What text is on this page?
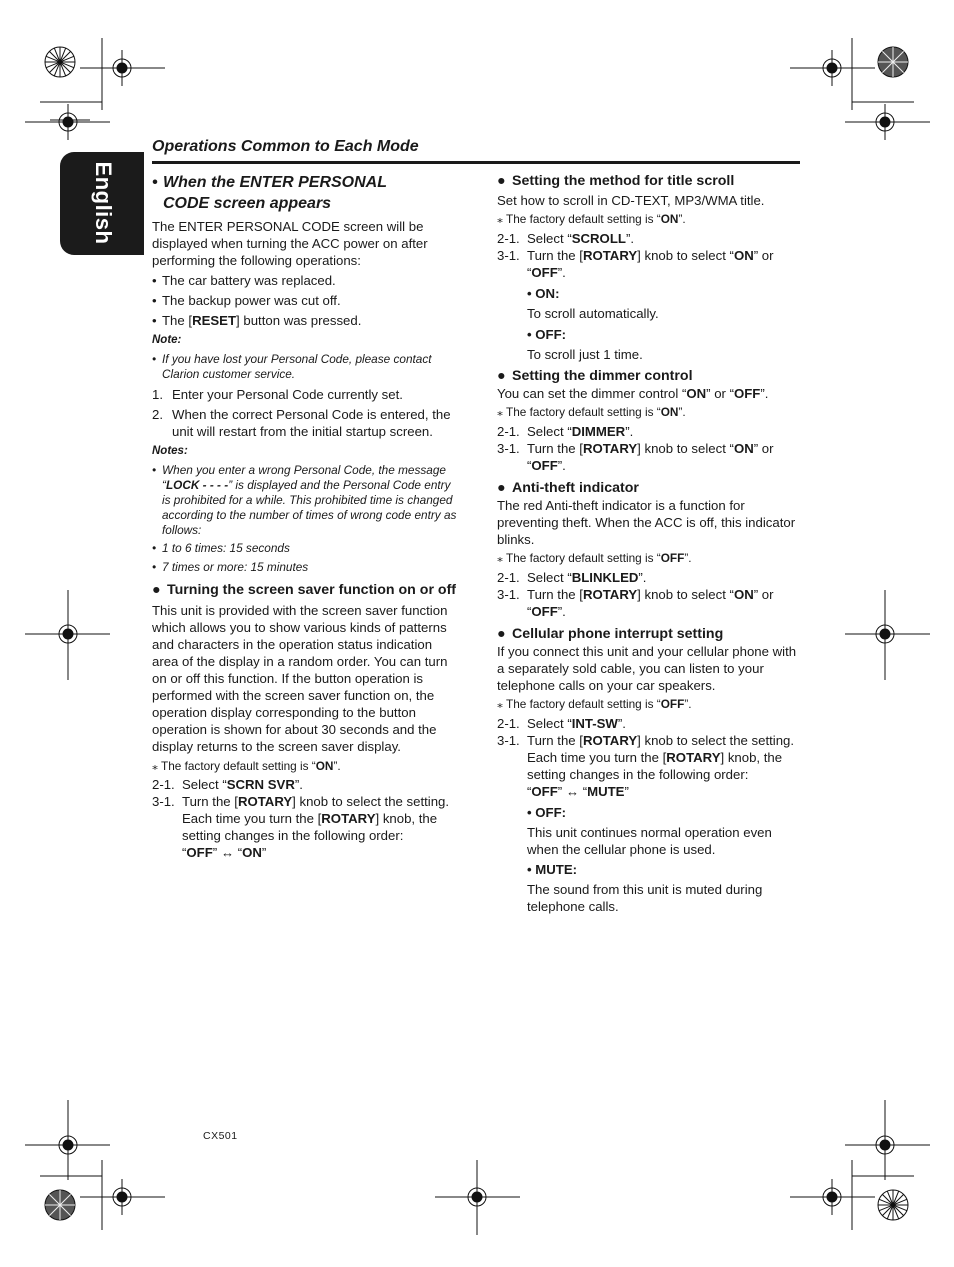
English
Operations Common to Each Mode
• When the ENTER PERSONAL
CODE screen appears

The ENTER PERSONAL CODE screen will be displayed when turning the ACC power on after performing the following operations:

• The car battery was replaced.
• The backup power was cut off.
• The [RESET] button was pressed.
Note:
• If you have lost your Personal Code, please contact Clarion customer service.
1. Enter your Personal Code currently set.
2. When the correct Personal Code is entered, the unit will restart from the initial startup screen.
Notes:
• When you enter a wrong Personal Code, the message “LOCK - - - -” is displayed and the Personal Code entry is prohibited for a while. This prohibited time is changed according to the number of times of wrong code entry as follows:
• 1 to 6 times: 15 seconds
• 7 times or more: 15 minutes
● Turning the screen saver function on or off

This unit is provided with the screen saver function which allows you to show various kinds of patterns and characters in the operation status indication area of the display in a random order. You can turn on or off this function. If the button operation is performed with the screen saver function on, the operation display corresponding to the button operation is shown for about 30 seconds and the display returns to the screen saver display.

⁎ The factory default setting is “ON”.
2-1. Select “SCRN SVR”.
3-1. Turn the [ROTARY] knob to select the setting.
Each time you turn the [ROTARY] knob, the setting changes in the following order:
“OFF” ↔ “ON”
● Setting the method for title scroll

Set how to scroll in CD-TEXT, MP3/WMA title.

⁎ The factory default setting is “ON”.
2-1. Select “SCROLL”.
3-1. Turn the [ROTARY] knob to select “ON” or “OFF”.
• ON:
To scroll automatically.
• OFF:
To scroll just 1 time.
● Setting the dimmer control

You can set the dimmer control “ON” or “OFF”.

⁎ The factory default setting is “ON”.
2-1. Select “DIMMER”.
3-1. Turn the [ROTARY] knob to select “ON” or “OFF”.
● Anti-theft indicator

The red Anti-theft indicator is a function for preventing theft. When the ACC is off, this indicator blinks.

⁎ The factory default setting is “OFF”.
2-1. Select “BLINKLED”.
3-1. Turn the [ROTARY] knob to select “ON” or “OFF”.
● Cellular phone interrupt setting

If you connect this unit and your cellular phone with a separately sold cable, you can listen to your telephone calls on your car speakers.

⁎ The factory default setting is “OFF”.
2-1. Select “INT-SW”.
3-1. Turn the [ROTARY] knob to select the setting. Each time you turn the [ROTARY] knob, the setting changes in the following order:
“OFF” ↔ “MUTE”
• OFF:
This unit continues normal operation even when the cellular phone is used.
• MUTE:
The sound from this unit is muted during telephone calls.
CX501
